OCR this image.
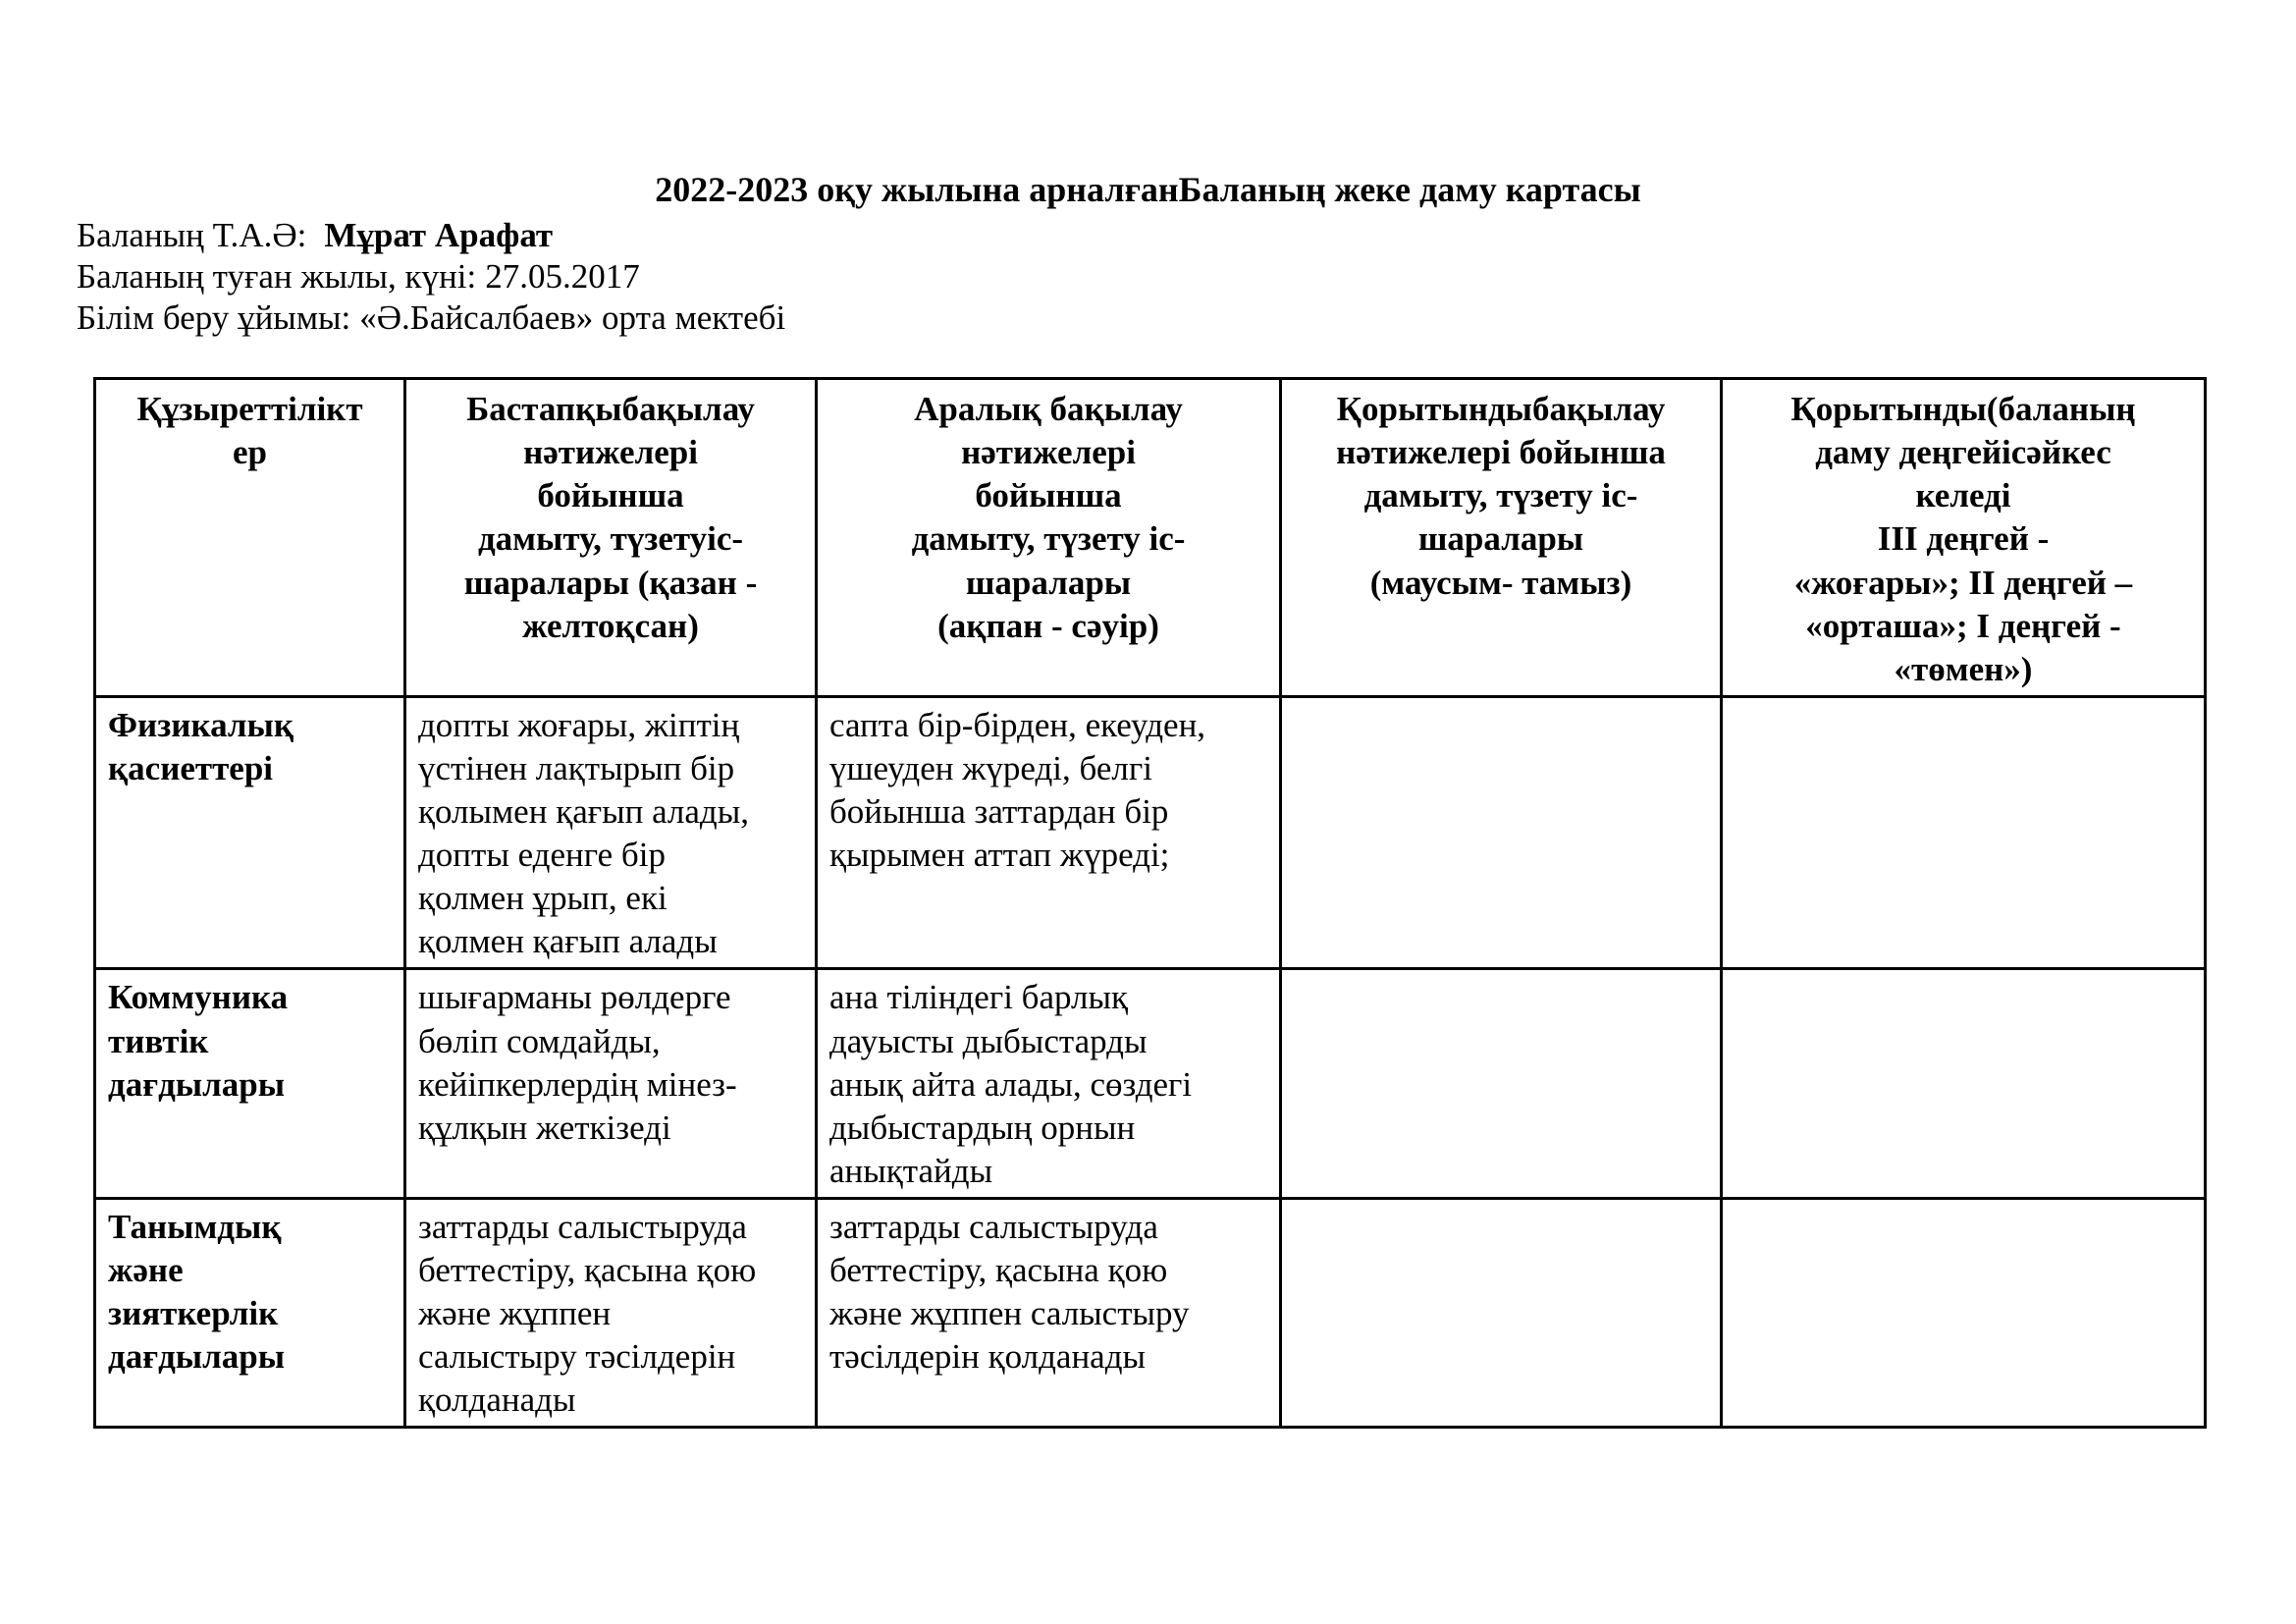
2022-2023 оқу жылына арналғанБаланың жеке даму картасы

Баланың Т.А.Ә: Мұрат Арафат

Баланың туған жылы, күні: 27.05.2017

Білім беру ұйымы: «Ә.Байсалбаев» орта мектебі

Құзыреттілікт
ер	Бастапқыбақылау
нәтижелері
бойынша
дамыту, түзетуіс-
шаралары (қазан -
желтоқсан)	Аралық бақылау
нәтижелері
бойынша
дамыту, түзету іс-
шаралары
(ақпан - сәуір)	Қорытындыбақылау
нәтижелері бойынша
дамыту, түзету іс-
шаралары
(маусым- тамыз)	Қорытынды(баланың
даму деңгейісәйкес
келеді
III деңгей -
«жоғары»; II деңгей –
«орташа»; I деңгей -
«төмен»)
Физикалық
қасиеттері	допты жоғары, жіптің
үстінен лақтырып бір
қолымен қағып алады,
допты еденге бір
қолмен ұрып, екі
қолмен қағып алады	сапта бір-бірден, екеуден,
үшеуден жүреді, белгі
бойынша заттардан бір
қырымен аттап жүреді;		
Коммуника
тивтік
дағдылары	шығарманы рөлдерге
бөліп сомдайды,
кейіпкерлердің мінез-
құлқын жеткізеді	ана тіліндегі барлық
дауысты дыбыстарды
анық айта алады, сөздегі
дыбыстардың орнын
анықтайды		
Танымдық
және
зияткерлік
дағдылары	заттарды салыстыруда
беттестіру, қасына қою
және жұппен
салыстыру тәсілдерін
қолданады	заттарды салыстыруда
беттестіру, қасына қою
және жұппен салыстыру
тәсілдерін қолданады		
